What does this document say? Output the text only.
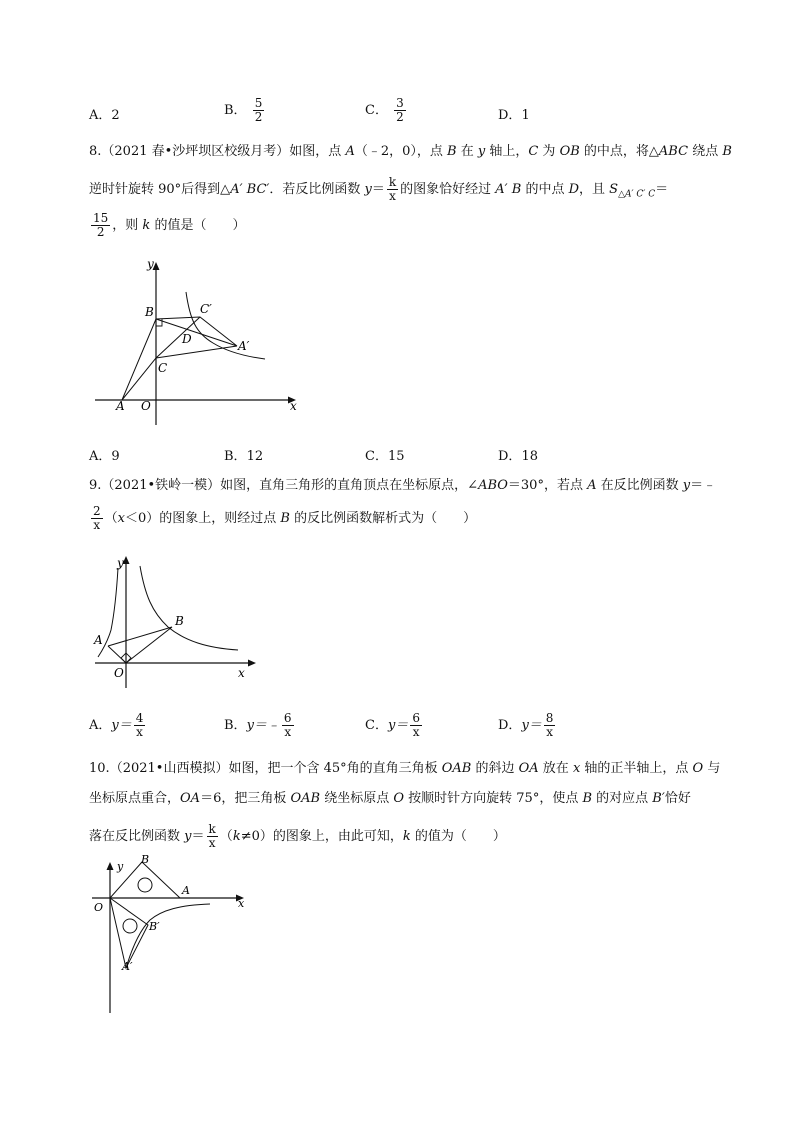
A．2	B． $\frac{5}{2}$	C． $\frac{3}{2}$	D．1
8.（2021 春•沙坪坝区校级月考）如图，点 A（﹣2，0），点 B 在 y 轴上，C 为 OB 的中点，将△ABC 绕点 B
逆时针旋转 90°后得到△A′ BC′．若反比例函数 $y= \frac{k}{x}$ 的图象恰好经过 A′ B 的中点 D，且 $S_{\triangle A' C' C}=$
$\frac{15}{2}$ ，则 k 的值是（　　）
y
x
B	C′
D	A′
C
A O
A．9	B．12	C．15	D．18
9.（2021•铁岭一模）如图，直角三角形的直角顶点在坐标原点，∠ABO＝30°，若点 A 在反比例函数 y＝﹣
$\frac{2}{x} (x<0)$的图象上，则经过点 B 的反比例函数解析式为（　　）
y
x
A
B
O
A．$y= \frac{4}{x}$	B．y＝﹣ $\frac{6}{x}$	C．$y= \frac{6}{x}$	D．$y= \frac{8}{x}$
10.（2021•山西模拟）如图，把一个含 45°角的直角三角板 OAB 的斜边 OA 放在 x 轴的正半轴上，点 O 与
坐标原点重合，OA＝6，把三角板 OAB 绕坐标原点 O 按顺时针方向旋转 75°，使点 B 的对应点 B′恰好
落在反比例函数 $y= \frac{k}{x} (k\ne 0)$的图象上，由此可知，k 的值为（　　）
y
x
B
A
O
B′
A′
